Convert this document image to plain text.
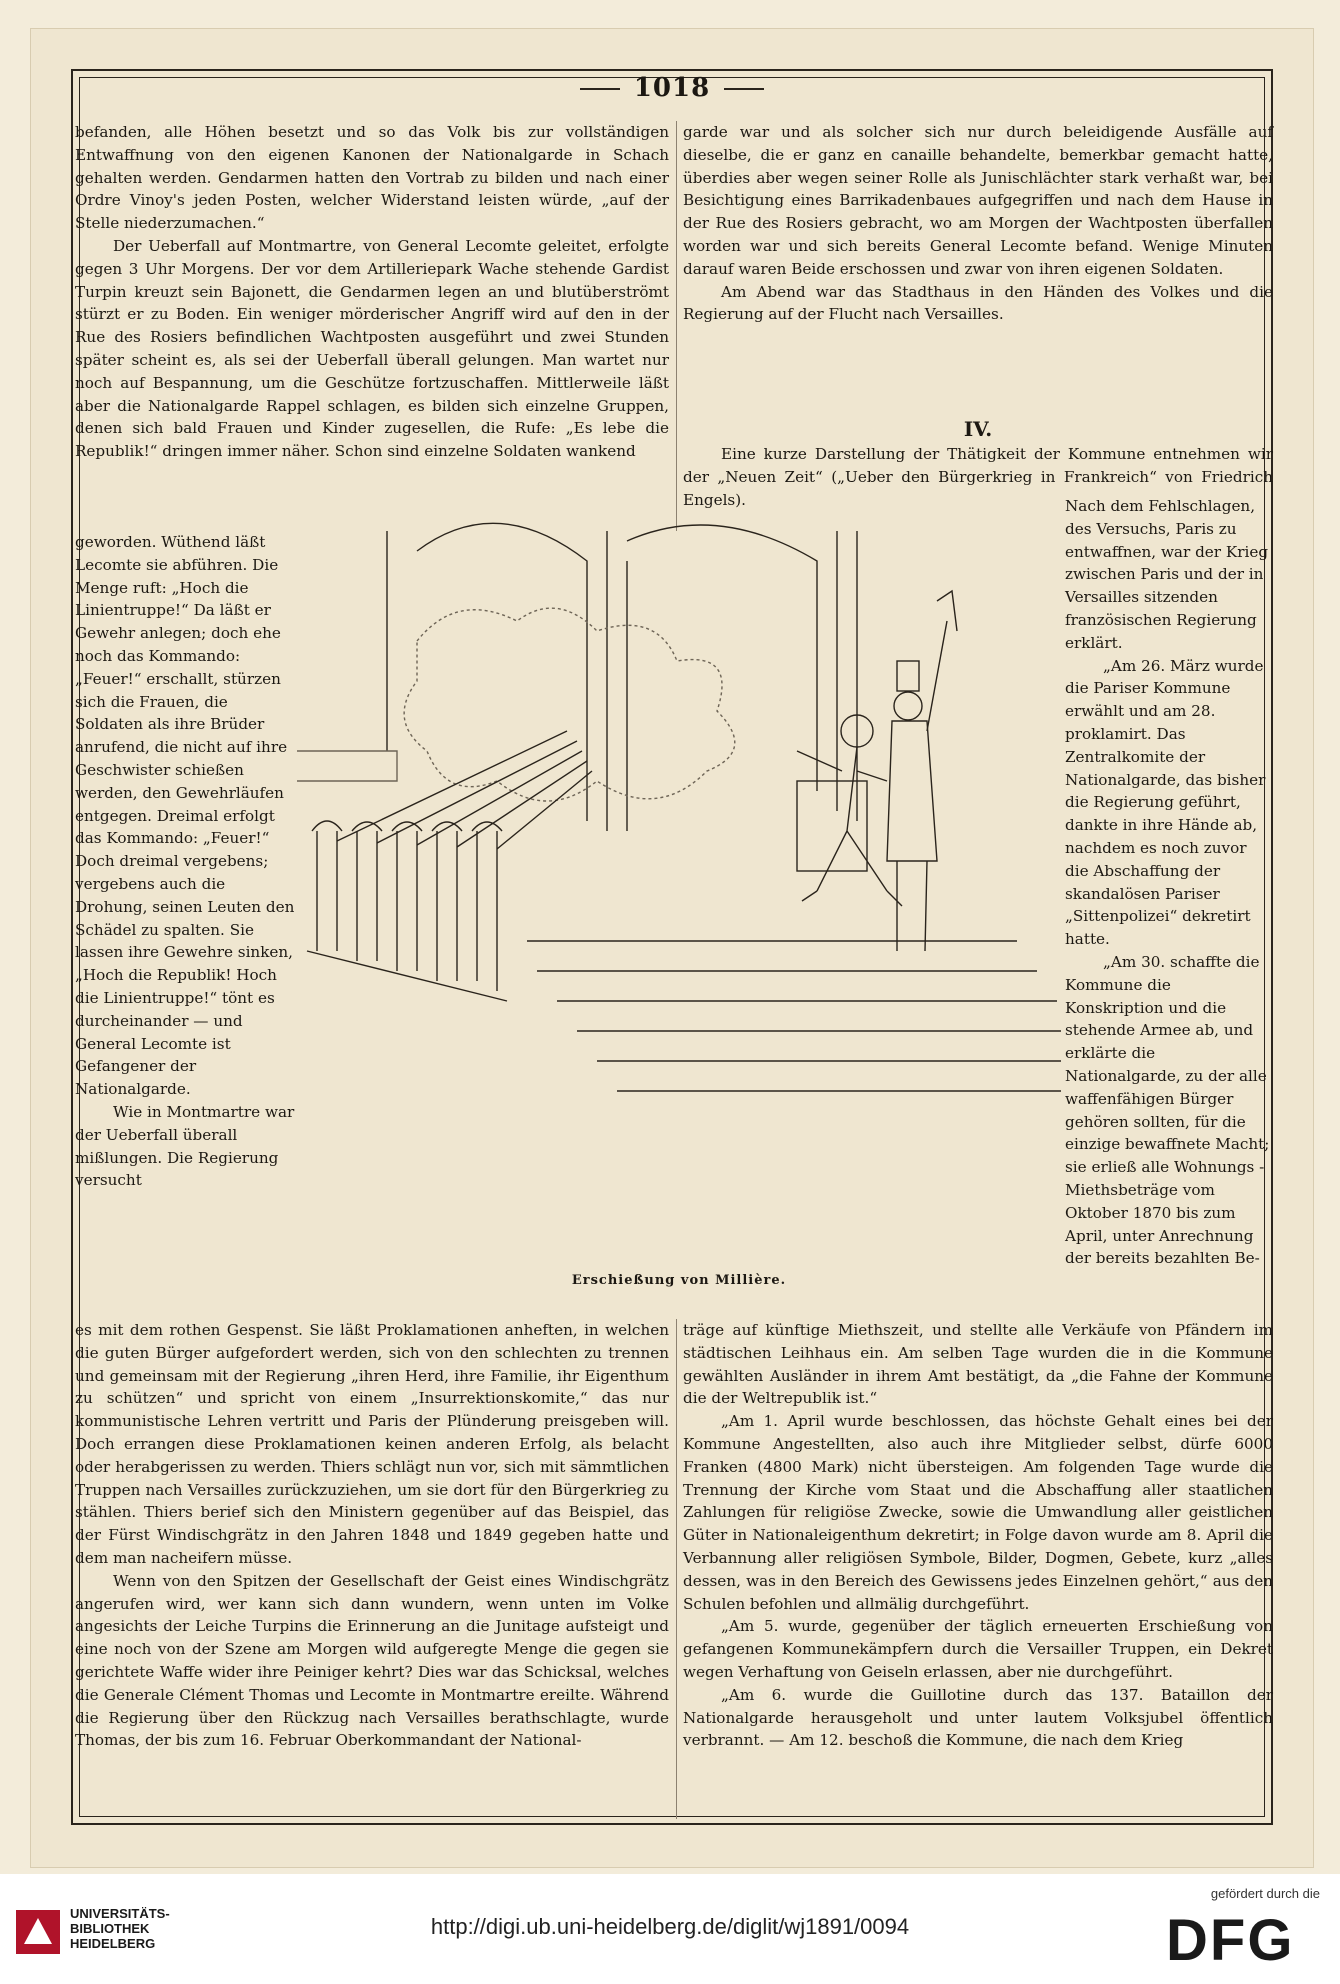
1018

befanden, alle Höhen besetzt und so das Volk bis zur vollständigen Entwaffnung von den eigenen Kanonen der Nationalgarde in Schach gehalten werden. Gendarmen hatten den Vortrab zu bilden und nach einer Ordre Vinoy's jeden Posten, welcher Widerstand leisten würde, „auf der Stelle niederzumachen.“

Der Ueberfall auf Montmartre, von General Lecomte geleitet, erfolgte gegen 3 Uhr Morgens. Der vor dem Artilleriepark Wache stehende Gardist Turpin kreuzt sein Bajonett, die Gendarmen legen an und blutüberströmt stürzt er zu Boden. Ein weniger mörderischer Angriff wird auf den in der Rue des Rosiers befindlichen Wachtposten ausgeführt und zwei Stunden später scheint es, als sei der Ueberfall überall gelungen. Man wartet nur noch auf Bespannung, um die Geschütze fortzuschaffen. Mittlerweile läßt aber die Nationalgarde Rappel schlagen, es bilden sich einzelne Gruppen, denen sich bald Frauen und Kinder zugesellen, die Rufe: „Es lebe die Republik!“ dringen immer näher. Schon sind einzelne Soldaten wankend

geworden. Wüthend läßt Lecomte sie abführen. Die Menge ruft: „Hoch die Linientruppe!“ Da läßt er Gewehr anlegen; doch ehe noch das Kommando: „Feuer!“ erschallt, stürzen sich die Frauen, die Soldaten als ihre Brüder anrufend, die nicht auf ihre Geschwister schießen werden, den Gewehrläufen entgegen. Dreimal erfolgt das Kommando: „Feuer!“ Doch dreimal vergebens; vergebens auch die Drohung, seinen Leuten den Schädel zu spalten. Sie lassen ihre Gewehre sinken, „Hoch die Republik! Hoch die Linientruppe!“ tönt es durcheinander — und General Lecomte ist Gefangener der Nationalgarde.

Wie in Montmartre war der Ueberfall überall mißlungen. Die Regierung versucht

es mit dem rothen Gespenst. Sie läßt Proklamationen anheften, in welchen die guten Bürger aufgefordert werden, sich von den schlechten zu trennen und gemeinsam mit der Regierung „ihren Herd, ihre Familie, ihr Eigenthum zu schützen“ und spricht von einem „Insurrektionskomite,“ das nur kommunistische Lehren vertritt und Paris der Plünderung preisgeben will. Doch errangen diese Proklamationen keinen anderen Erfolg, als belacht oder herabgerissen zu werden. Thiers schlägt nun vor, sich mit sämmtlichen Truppen nach Versailles zurückzuziehen, um sie dort für den Bürgerkrieg zu stählen. Thiers berief sich den Ministern gegenüber auf das Beispiel, das der Fürst Windischgrätz in den Jahren 1848 und 1849 gegeben hatte und dem man nacheifern müsse.

Wenn von den Spitzen der Gesellschaft der Geist eines Windischgrätz angerufen wird, wer kann sich dann wundern, wenn unten im Volke angesichts der Leiche Turpins die Erinnerung an die Junitage aufsteigt und eine noch von der Szene am Morgen wild aufgeregte Menge die gegen sie gerichtete Waffe wider ihre Peiniger kehrt? Dies war das Schicksal, welches die Generale Clément Thomas und Lecomte in Montmartre ereilte. Während die Regierung über den Rückzug nach Versailles berathschlagte, wurde Thomas, der bis zum 16. Februar Oberkommandant der National-

garde war und als solcher sich nur durch beleidigende Ausfälle auf dieselbe, die er ganz en canaille behandelte, bemerkbar gemacht hatte, überdies aber wegen seiner Rolle als Junischlächter stark verhaßt war, bei Besichtigung eines Barrikadenbaues aufgegriffen und nach dem Hause in der Rue des Rosiers gebracht, wo am Morgen der Wachtposten überfallen worden war und sich bereits General Lecomte befand. Wenige Minuten darauf waren Beide erschossen und zwar von ihren eigenen Soldaten.

Am Abend war das Stadthaus in den Händen des Volkes und die Regierung auf der Flucht nach Versailles.

IV.

Eine kurze Darstellung der Thätigkeit der Kommune entnehmen wir der „Neuen Zeit“ („Ueber den Bürgerkrieg in Frankreich“ von Friedrich Engels).	Nach dem Fehlschlagen, des Versuchs, Paris zu entwaffnen, war der Krieg zwischen Paris und der in Versailles sitzenden französischen Regierung erklärt.

„Am 26. März wurde die Pariser Kommune erwählt und am 28. proklamirt. Das Zentralkomite der Nationalgarde, das bisher die Regierung geführt, dankte in ihre Hände ab, nachdem es noch zuvor die Abschaffung der skandalösen Pariser „Sittenpolizei“ dekretirt hatte.

„Am 30. schaffte die Kommune die Konskription und die stehende Armee ab, und erklärte die Nationalgarde, zu der alle waffenfähigen Bürger gehören sollten, für die einzige bewaffnete Macht; sie erließ alle Wohnungs - Miethsbeträge vom Oktober 1870 bis zum April, unter Anrechnung der bereits bezahlten Be-

träge auf künftige Miethszeit, und stellte alle Verkäufe von Pfändern im städtischen Leihhaus ein. Am selben Tage wurden die in die Kommune gewählten Ausländer in ihrem Amt bestätigt, da „die Fahne der Kommune die der Weltrepublik ist.“

„Am 1. April wurde beschlossen, das höchste Gehalt eines bei der Kommune Angestellten, also auch ihre Mitglieder selbst, dürfe 6000 Franken (4800 Mark) nicht übersteigen. Am folgenden Tage wurde die Trennung der Kirche vom Staat und die Abschaffung aller staatlichen Zahlungen für religiöse Zwecke, sowie die Umwandlung aller geistlichen Güter in Nationaleigenthum dekretirt; in Folge davon wurde am 8. April die Verbannung aller religiösen Symbole, Bilder, Dogmen, Gebete, kurz „alles dessen, was in den Bereich des Gewissens jedes Einzelnen gehört,“ aus den Schulen befohlen und allmälig durchgeführt.

„Am 5. wurde, gegenüber der täglich erneuerten Erschießung von gefangenen Kommunekämpfern durch die Versailler Truppen, ein Dekret wegen Verhaftung von Geiseln erlassen, aber nie durchgeführt.

„Am 6. wurde die Guillotine durch das 137. Bataillon der Nationalgarde herausgeholt und unter lautem Volksjubel öffentlich verbrannt. — Am 12. beschoß die Kommune, die nach dem Krieg

Erschießung von Millière.
UNIVERSITÄTS-
BIBLIOTHEK
HEIDELBERG
http://digi.ub.uni-heidelberg.de/diglit/wj1891/0094
gefördert durch die
DFG
